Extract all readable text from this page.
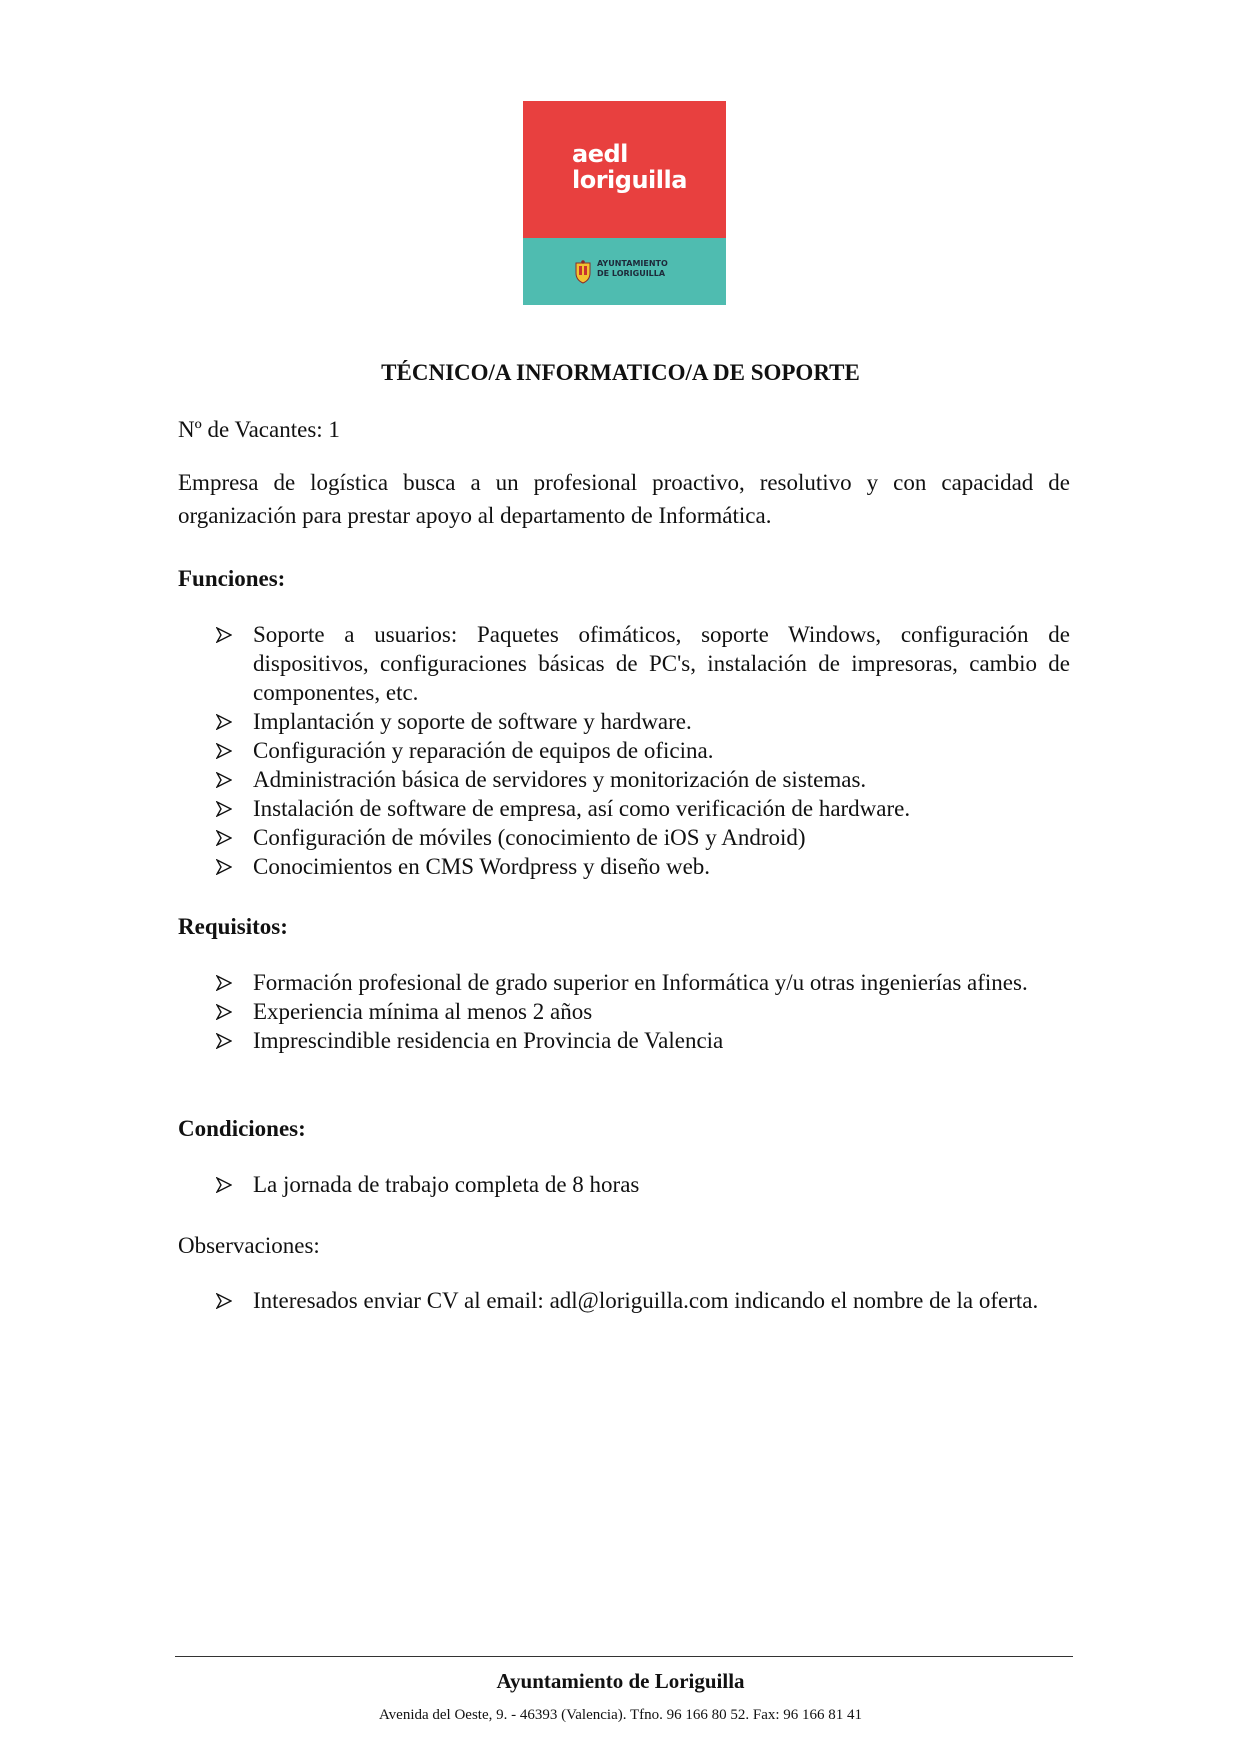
aedl
loriguilla
AYUNTAMIENTO
DE LORIGUILLA
TÉCNICO/A INFORMATICO/A DE SOPORTE
Nº de Vacantes: 1
Empresa de logística busca a un profesional proactivo, resolutivo y con capacidad de organización para prestar apoyo al departamento de Informática.
Funciones:
Soporte a usuarios: Paquetes ofimáticos, soporte Windows, configuración de dispositivos, configuraciones básicas de PC's, instalación de impresoras, cambio de componentes, etc.
Implantación y soporte de software y hardware.
Configuración y reparación de equipos de oficina.
Administración básica de servidores y monitorización de sistemas.
Instalación de software de empresa, así como verificación de hardware.
Configuración de móviles (conocimiento de iOS y Android)
Conocimientos en CMS Wordpress y diseño web.
Requisitos:
Formación profesional de grado superior en Informática y/u otras ingenierías afines.
Experiencia mínima al menos 2 años
Imprescindible residencia en Provincia de Valencia
Condiciones:
La jornada de trabajo completa de 8 horas
Observaciones:
Interesados enviar CV al email: adl@loriguilla.com indicando el nombre de la oferta.
Ayuntamiento de Loriguilla
Avenida del Oeste, 9. - 46393 (Valencia). Tfno. 96 166 80 52. Fax: 96 166 81 41
